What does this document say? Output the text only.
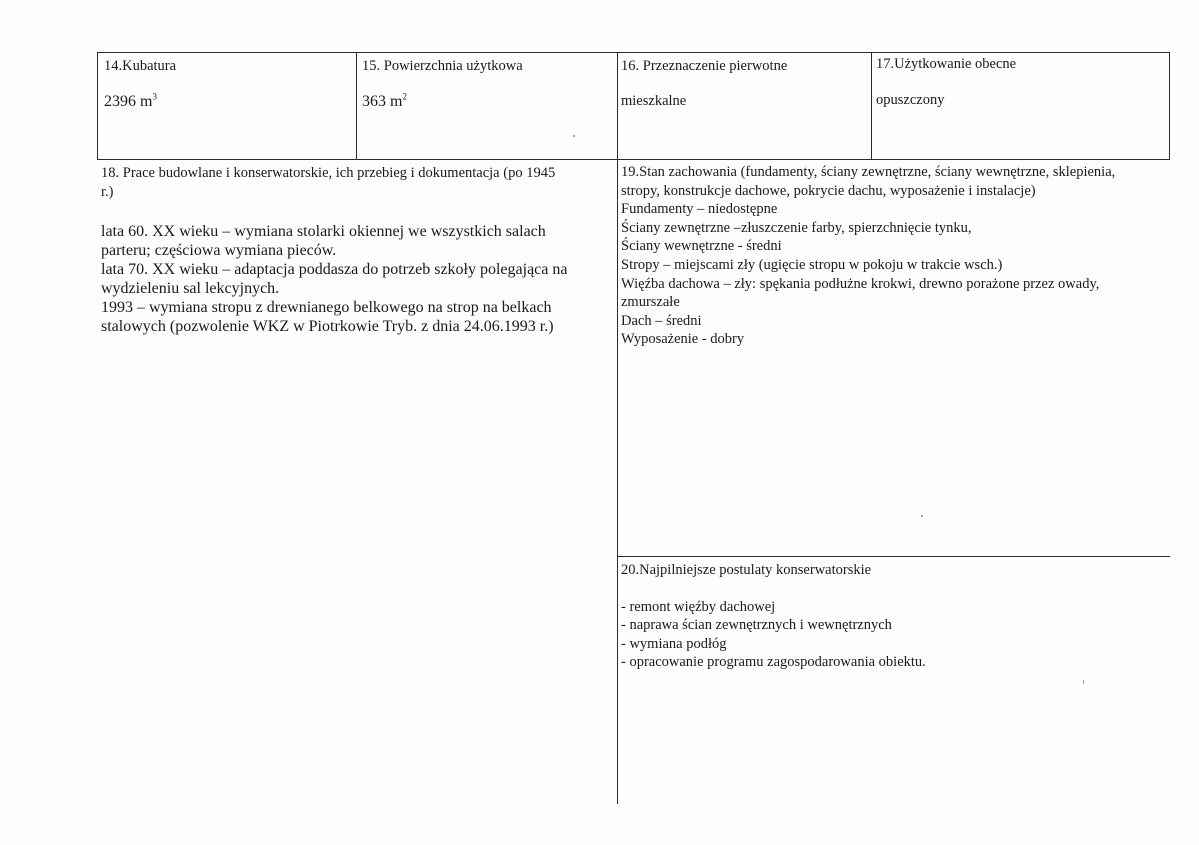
14.Kubatura
2396 $m^3$
15. Powierzchnia użytkowa
363 $m^2$
16. Przeznaczenie pierwotne
mieszkalne
17.Użytkowanie obecne
opuszczony

18. Prace budowlane i konserwatorskie, ich przebieg i dokumentacja (po 1945

r.)

lata 60. XX wieku – wymiana stolarki okiennej we wszystkich salach

parteru; częściowa wymiana pieców.

lata 70. XX wieku – adaptacja poddasza do potrzeb szkoły polegająca na

wydzieleniu sal lekcyjnych.

1993 – wymiana stropu z drewnianego belkowego na strop na belkach

stalowych (pozwolenie WKZ w Piotrkowie Tryb. z dnia 24.06.1993 r.)

19.Stan zachowania (fundamenty, ściany zewnętrzne, ściany wewnętrzne, sklepienia,

stropy, konstrukcje dachowe, pokrycie dachu, wyposażenie i instalacje)

Fundamenty – niedostępne

Ściany zewnętrzne –złuszczenie farby, spierzchnięcie tynku,

Ściany wewnętrzne - średni

Stropy – miejscami zły (ugięcie stropu w pokoju w trakcie wsch.)

Więźba dachowa – zły: spękania podłużne krokwi, drewno porażone przez owady,

zmurszałe

Dach – średni

Wyposażenie - dobry

20.Najpilniejsze postulaty konserwatorskie

- remont więźby dachowej

- naprawa ścian zewnętrznych i wewnętrznych

- wymiana podłóg

- opracowanie programu zagospodarowania obiektu.
